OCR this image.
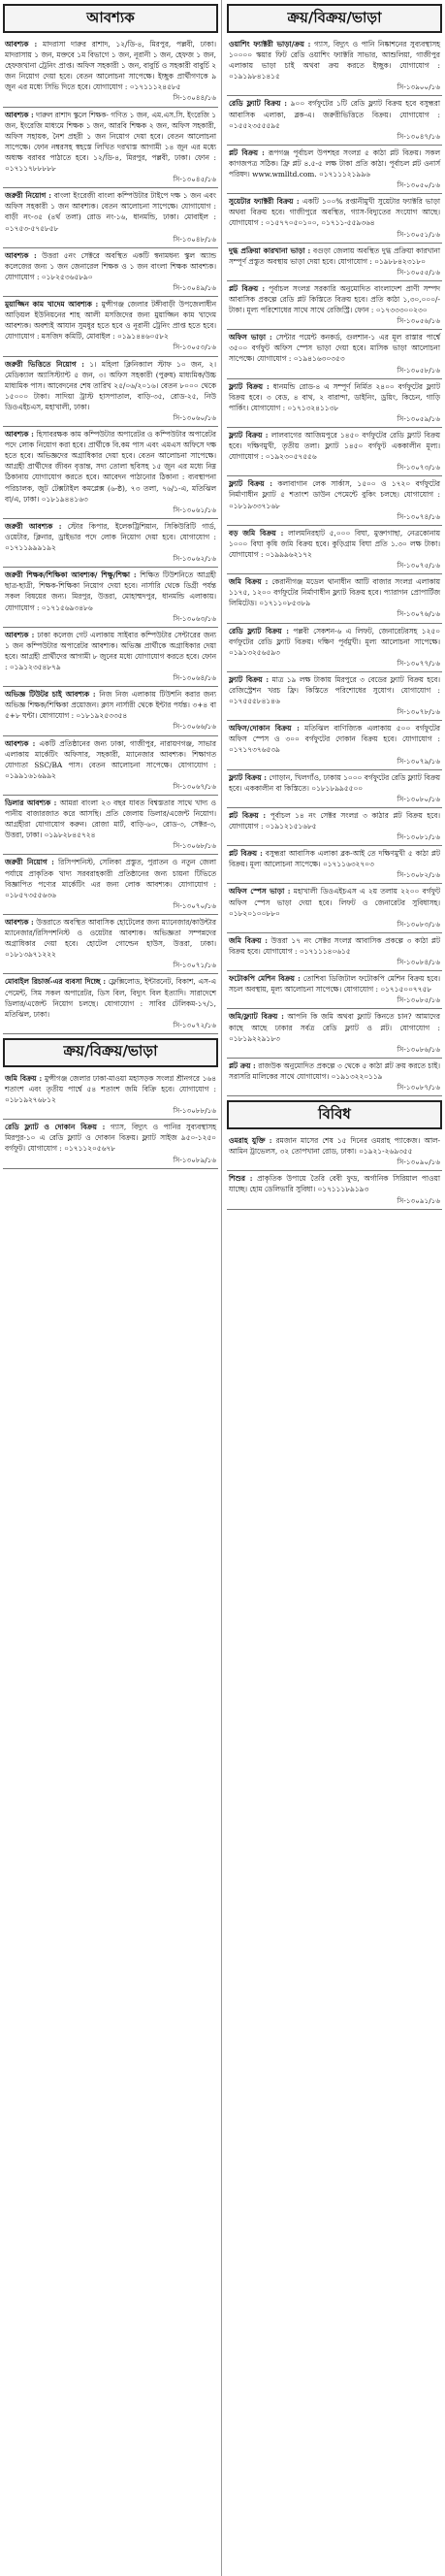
আবশ্যক
আবশ্যক : মাদরাসা দারুর রাশাদ, ১২/ডি-৪, মিরপুর, পল্লবী, ঢাকা। মাদরাসায় ১ জন, মক্তবে ১ম বিভাগে ১ জন, নূরানী ১ জন, হেফজ ১ জন, হেফজখানা ট্রেনিং প্রাপ্ত। অফিস সহকারী ১ জন, বাবুর্চি ও সহকারী বাবুর্চি ২ জন নিয়োগ দেয়া হবে। বেতন আলোচনা সাপেক্ষে। ইচ্ছুক প্রার্থীগণকে ৯ জুন এর মধ্যে সিভি দিতে হবে। যোগাযোগ : ০১৭১১১২৪৫৮৫
সি-১৩০৪৪/১৬
আবশ্যক : দারুল রাশাদ স্কুলে শিক্ষক- গণিত ১ জন, এম.এস.সি. ইংরেজি ১ জন, ইংরেজি মাধ্যমে শিক্ষক ১ জন, আরবি শিক্ষক ২ জন, অফিস সহকারী, অফিস সহায়ক, নৈশ প্রহরী ১ জন নিয়োগ দেয়া হবে। বেতন আলোচনা সাপেক্ষে। ফোন নম্বরসহ স্বহস্তে লিখিত দরখাস্ত আগামী ১৪ জুন এর মধ্যে অধ্যক্ষ বরাবর পাঠাতে হবে। ১২/ডি-৪, মিরপুর, পল্লবী, ঢাকা। ফোন : ০১৭১১৭৮৮৮৮৮
সি-১৩০৪৫/১৬
জরুরী নিয়োগ : বাংলা ইংরেজী বাংলা কম্পিউটার টাইপে দক্ষ ১ জন এবং অফিস সহকারী ১ জন আবশ্যক। বেতন আলোচনা সাপেক্ষে। যোগাযোগ : বাড়ী নং-৩৫ (৪র্থ তলা) রোড নং-১৬, ধানমন্ডি, ঢাকা। মোবাইল : ০১৭৫৩-৫৭৫৮৫৮
সি-১৩০৪৮/১৬
আবশ্যক : উত্তরা ৫নং সেক্টরে অবস্থিত একটি স্বনামধন্য স্কুল অ্যান্ড কলেজের জন্য ১ জন জেনারেল শিক্ষক ও ১ জন বাংলা শিক্ষক আবশ্যক। যোগাযোগ : ০১৮২৫৩৬৫৮৯০
সি-১৩০৪৯/১৬
মুয়াজ্জিন কাম খাদেম আবশ্যক : মুন্সীগঞ্জ জেলার টঙ্গীবাড়ী উপজেলাধীন আড়িয়ল ইউনিয়নের শাহ আলী মসজিদের জন্য মুয়াজ্জিন কাম খাদেম আবশ্যক। অবশ্যই আযান সুমধুর হতে হবে ও নূরানী ট্রেনিং প্রাপ্ত হতে হবে। যোগাযোগ : মসজিদ কমিটি, মোবাইল : ০১৯১৪৪৬০৫৮২
সি-১৩০৫৩/১৬
জরুরী ভিত্তিতে নিয়োগ : ১। মহিলা ক্লিনিক্যাল স্টাফ ১০ জন, ২। মেডিক্যাল অ্যাসিস্ট্যান্ট ৫ জন, ৩। অফিস সহকারী (পুরুষ) মাধ্যমিক/উচ্চ মাধ্যমিক পাস। আবেদনের শেষ তারিখ ২৫/০৬/২০১৬। বেতন ৮০০০ থেকে ১৫০০০ টাকা। সাদিয়া ট্রাস্ট হাসপাতাল, বাড়ি-৩৫, রোড-২৫, নিউ ডিওএইচএস, মহাখালী, ঢাকা।
সি-১৩০৬০/১৬
আবশ্যক : হিসাবরক্ষক কাম কম্পিউটার অপারেটর ও কম্পিউটার অপারেটর পদে লোক নিয়োগ করা হবে। প্রার্থীকে বি.কম পাস এবং এমএস অফিসে দক্ষ হতে হবে। অভিজ্ঞদের অগ্রাধিকার দেয়া হবে। বেতন আলোচনা সাপেক্ষে। আগ্রহী প্রার্থীদের জীবন বৃত্তান্ত, সদ্য তোলা ছবিসহ ১৫ জুন এর মধ্যে নিম্ন ঠিকানায় যোগাযোগ করতে হবে। আবেদন পাঠানোর ঠিকানা : ব্যবস্থাপনা পরিচালক, জুট টেক্সটাইল কমপ্লেক্স (৬-ষ্ঠ), ৭৩ তলা, ৭৬/১-এ, মতিঝিল বা/এ, ঢাকা। ০১৮১৯৪৪১৬৩
সি-১৩০৬১/১৬
জরুরী আবশ্যক : স্টোর কিপার, ইলেকট্রিশিয়ান, সিকিউরিটি গার্ড, ওয়েটার, ক্লিনার, ড্রাইভার পদে লোক নিয়োগ দেয়া হবে। যোগাযোগ : ০১৭১১৯৯৯১৯২
সি-১৩০৬২/১৬
জরুরী শিক্ষক/শিক্ষিকা আবশ্যক/ শিক্ষু/শিক্ষা : শিক্ষিত টিউশনিতে আগ্রহী ছাত্র-ছাত্রী, শিক্ষক-শিক্ষিকা নিয়োগ দেয়া হবে। নার্সারি থেকে ডিগ্রী পর্যন্ত সকল বিষয়ের জন্য। মিরপুর, উত্তরা, মোহাম্মদপুর, ধানমন্ডি এলাকায়। যোগাযোগ : ০১৭১৫৬৯৩৪৮৬
সি-১৩০৬৩/১৬
আবশ্যক : ঢাকা কলেজ গেট এলাকায় সাইবার কম্পিউটার সেন্টারের জন্য ১ জন কম্পিউটার অপারেটর আবশ্যক। অভিজ্ঞ প্রার্থীকে অগ্রাধিকার দেয়া হবে। আগ্রহী প্রার্থীদের আগামী ৮ জুনের মধ্যে যোগাযোগ করতে হবে। ফোন : ০১৯১২৩৫৪৮৭৯
সি-১৩০৬৪/১৬
অভিজ্ঞ টিউটর চাই আবশ্যক : নিজ নিজ এলাকায় টিউশনি করার জন্য অভিজ্ঞ শিক্ষক/শিক্ষিকা প্রয়োজন। ক্লাস নার্সারী থেকে ইন্টার পর্যন্ত। ৩+৪ বা ৫+৮ ঘন্টা। যোগাযোগ : ০১৮১৯২৫৩৩৫৪
সি-১৩০৬৬/১৬
আবশ্যক : একটি প্রতিষ্ঠানের জন্য ঢাকা, গাজীপুর, নারায়ণগঞ্জ, সাভার এলাকায় মার্কেটিং অফিসার, সহকারী, ম্যানেজার আবশ্যক। শিক্ষাগত যোগ্যতা SSC/BA পাস। বেতন আলোচনা সাপেক্ষে। যোগাযোগ : ০১৯৯১৬১৬৯৯২
সি-১৩০৬৭/১৬
ডিলার আবশ্যক : আমরা বাংলা ২৩ বছর যাবত বিশ্বস্ততার সাথে খাদ্য ও পানীয় বাজারজাত করে আসছি। প্রতি জেলায় ডিলার/এজেন্ট নিয়োগ। আগ্রহীরা যোগাযোগ করুন। রোজা মার্ট, বাড়ি-৬০, রোড-৩, সেক্টর-৩, উত্তরা, ঢাকা। ০১৯৮২৮৪৫৭২৪
সি-১৩০৬৮/১৬
জরুরী নিয়োগ : রিসিপশনিস্ট, সেলিকা প্রস্তুত, পুরাতন ও নতুন জেলা পর্যায়ে প্রাকৃতিক খাদ্য সরবরাহকারী প্রতিষ্ঠানের জন্য চায়না টিভিতে বিজ্ঞাপিত পণ্যের মার্কেটিং এর জন্য লোক আবশ্যক। যোগাযোগ : ০১৮৫৭৩৫৫৬৩৬
সি-১৩০৭০/১৬
আবশ্যক : উত্তরাতে অবস্থিত আবাসিক হোটেলের জন্য ম্যানেজার/কাউন্টার ম্যানেজার/রিসিপশনিস্ট ও ওয়েটার আবশ্যক। অভিজ্ঞতা সম্পন্নদের অগ্রাধিকার দেয়া হবে। হোটেল গোল্ডেন হাউস, উত্তরা, ঢাকা। ০১৮১৩৯৭১২২২
সি-১৩০৭১/১৬
মোবাইল রিচার্জ-এর ব্যবসা দিচ্ছে : ফ্লেক্সিলোড, ইন্টারনেট, বিকাশ, এস-এ পেমেন্ট, সিম সকল অপারেটর, ডিস বিল, বিদ্যুৎ বিল ইত্যাদি। সারাদেশে ডিলার/এজেন্ট নিয়োগ চলছে। যোগাযোগ : সাবির টেলিকম-১৭/১, মতিঝিল, ঢাকা।
সি-১৩০৭২/১৬
ক্রয়/বিক্রয়/ভাড়া
জমি বিক্রয় : মুন্সীগঞ্জ জেলার ঢাকা-মাওয়া মহাসড়ক সংলগ্ন শ্রীনগরে ১৬৪ শতাংশ এবং তৃতীয় পার্শ্বে ৫৪ শতাংশ জমি বিক্রি হবে। যোগাযোগ : ০১৮১৯২৭৬৮১২
সি-১৩০৮৮/১৬
রেডি ফ্ল্যাট ও দোকান বিক্রয় : গ্যাস, বিদ্যুৎ ও পানির সুব্যবস্থাসহ মিরপুর-১০ এ রেডি ফ্ল্যাট ও দোকান বিক্রয়। ফ্ল্যাট সাইজ ৯৫০-১২৫০ বর্গফুট। যোগাযোগ : ০১৭১১২০৫৬৭৮
সি-১৩০৮৯/১৬
ক্রয়/বিক্রয়/ভাড়া
ওয়াশিং ফ্যাক্টরী ভাড়া/ক্রয় : গ্যাস, বিদ্যুৎ ও পানি নিষ্কাশনের সুব্যবস্থাসহ ১০০০০ স্কয়ার ফিট রেডি ওয়াশিং ফ্যাক্টরি সাভার, আশুলিয়া, গাজীপুর এলাকায় ভাড়া চাই অথবা ক্রয় করতে ইচ্ছুক। যোগাযোগ : ০১৯১৯৮৪১৪১৫
সি-১৩৯০০/১৬
রেডি ফ্ল্যাট বিক্রয় : ৯০০ বর্গফুটের ১টি রেডি ফ্ল্যাট বিক্রয় হবে বসুন্ধরা আবাসিক এলাকা, ব্লক-এ। জরুরীভিত্তিতে বিক্রয়। যোগাযোগ : ০১৫৫২৩৫৫৫৯৫
সি-১৩০৪৭/১৬
প্লট বিক্রয় : রূপগঞ্জ পূর্বাচল উপশহর সংলগ্ন ৫ কাঠা প্লট বিক্রয়। সকল কাগজপত্র সঠিক। ফ্রি প্লট ৪.৫-৫ লক্ষ টাকা প্রতি কাঠা। পূর্বাচল প্লট ওনার্স পরিষদ। www.wmlltd.com. ০১৭১১১২১৯৯৬
সি-১৩০৫০/১৬
সুয়েটার ফ্যাক্টরী বিক্রয় : একটি ১০০% রপ্তানীমুখী সুয়েটার ফ্যাক্টরি ভাড়া অথবা বিক্রয় হবে। গাজীপুরে অবস্থিত, গ্যাস-বিদ্যুতের সংযোগ আছে। যোগাযোগ : ০১৫৭৭০৫০১০০, ০১৭১১-৫৫৯৩৬৪
সি-১৩০৫১/১৬
দুগ্ধ প্রক্রিয়া কারখানা ভাড়া : বগুড়া জেলায় অবস্থিত দুগ্ধ প্রক্রিয়া কারখানা সম্পূর্ণ প্রস্তুত অবস্থায় ভাড়া দেয়া হবে। যোগাযোগ : ০১৯৮৮৪২৩১৮০
সি-১৩০৫৫/১৬
প্লট বিক্রয় : পূর্বাচল সংলগ্ন সরকারি অনুমোদিত বাংলাদেশ প্রাণী সম্পদ আবাসিক প্রকল্পে রেডি প্লট কিস্তিতে বিক্রয় হবে। প্রতি কাঠা ১,৩০,০০০/- টাকা। মূল্য পরিশোধের সাথে সাথে রেজিস্ট্রি। ফোন : ০১৭৩৩৩০০২৩০
সি-১৩০৫৬/১৬
অফিস ভাড়া : সেন্টার পয়েন্ট কনকর্ড, গুলশান-১ এর মূল রাস্তার পার্শ্বে ৩৫০০ বর্গফুট অফিস স্পেস ভাড়া দেয়া হবে। মাসিক ভাড়া আলোচনা সাপেক্ষে। যোগাযোগ : ০১৯৪১৬৩০৩৫৩
সি-১৩০৫৮/১৬
ফ্ল্যাট বিক্রয় : ধানমন্ডি রোড-৪ এ সম্পূর্ণ নির্মিত ২৪০০ বর্গফুটের ফ্ল্যাট বিক্রয় হবে। ৩ বেড, ৪ বাথ, ২ বারান্দা, ডাইনিং, ড্রয়িং, কিচেন, গাড়ি পার্কিং। যোগাযোগ : ০১৭১৩২৪১১৩৮
সি-১৩০৫৯/১৬
ফ্ল্যাট বিক্রয় : লালবাগের আজিমপুরে ১৪৫০ বর্গফুটের রেডি ফ্ল্যাট বিক্রয় হবে। দক্ষিণমুখী, তৃতীয় তলা। ফ্ল্যাট ১৪৫০ বর্গফুট এককালীন মূল্য। যোগাযোগ : ০১৯২৩০৫৭৫৫৬
সি-১৩০৭৩/১৬
ফ্ল্যাট বিক্রয় : কলাবাগান লেক সার্কাস, ১৫০০ ও ১৭২০ বর্গফুটের নির্মাণাধীন ফ্ল্যাট ৫ শতাংশ ডাউন পেমেন্টে বুকিং চলছে। যোগাযোগ : ০১৮১৯৩৩৭১৬৮
সি-১৩০৭৪/১৬
বড় জমি বিক্রয় : লালমনিরহাট ৫,০০০ বিঘা, মুক্তাগাছা, নেত্রকোনায় ১০০০ বিঘা কৃষি জমি বিক্রয় হবে। কুড়িগ্রাম বিঘা প্রতি ১.৩০ লক্ষ টাকা। যোগাযোগ : ০১৯৯৯৬২১৭২
সি-১৩০৭৫/১৬
জমি বিক্রয় : কেরানীগঞ্জ মডেল থানাধীন আটি বাজার সংলগ্ন এলাকায় ১১৭৫, ১২০০ বর্গফুটের নির্মাণাধীন ফ্ল্যাট বিক্রয় হবে। প্যারাগন প্রোপার্টিজ লিমিটেড। ০১৭১১০৮৫৩৮৯
সি-১৩০৭৬/১৬
রেডি ফ্ল্যাট বিক্রয় : পল্লবী সেকশন-৬ এ লিফট, জেনারেটরসহ ১২৫০ বর্গফুটের রেডি ফ্ল্যাট বিক্রয়। দক্ষিণ পূর্বমুখী। মূল্য আলোচনা সাপেক্ষে। ০১৯১৩২৫৬৫৯৩
সি-১৩০৭৭/১৬
ফ্ল্যাট বিক্রয় : মাত্র ১৯ লক্ষ টাকায় মিরপুরে ৩ বেডের ফ্ল্যাট বিক্রয় হবে। রেজিস্ট্রেশন খরচ ফ্রি। কিস্তিতে পরিশোধের সুযোগ। যোগাযোগ : ০১৭৫৫৫৮৪১৪৬
সি-১৩০৭৮/১৬
অফিস/দোকান বিক্রয় : মতিঝিল বাণিজ্যিক এলাকায় ৫০০ বর্গফুটের অফিস স্পেস ও ৩০০ বর্গফুটের দোকান বিক্রয় হবে। যোগাযোগ : ০১৭১৭৩৭৬৫৩৯
সি-১৩০৭৯/১৬
ফ্ল্যাট বিক্রয় : গোড়ান, খিলগাঁও, ঢাকায় ১০০০ বর্গফুটের রেডি ফ্ল্যাট বিক্রয় হবে। এককালীন বা কিস্তিতে। ০১৮১৮৯৯৫৫০০
সি-১৩০৮০/১৬
প্লট বিক্রয় : পূর্বাচল ১৪ নং সেক্টর সংলগ্ন ৩ কাঠার প্লট বিক্রয় হবে। যোগাযোগ : ০১৯১২১৫১৬৮৫
সি-১৩০৮১/১৬
প্লট বিক্রয় : বসুন্ধরা আবাসিক এলাকা ব্লক-আই তে দক্ষিণমুখী ৫ কাঠা প্লট বিক্রয়। মূল্য আলোচনা সাপেক্ষে। ০১৭১১৬৩২৭০৩
সি-১৩০৮২/১৬
অফিস স্পেস ভাড়া : মহাখালী ডিওএইচএস এ ২য় তলায় ২২০০ বর্গফুট অফিস স্পেস ভাড়া দেয়া হবে। লিফট ও জেনারেটর সুবিধাসহ। ০১৮২০১০০৮৮০
সি-১৩০৮৩/১৬
জমি বিক্রয় : উত্তরা ১৭ নং সেক্টর সংলগ্ন আবাসিক প্রকল্পে ৩ কাঠা প্লট বিক্রয় হবে। যোগাযোগ : ০১৭১১১৪০৬১৫
সি-১৩০৮৪/১৬
ফটোকপি মেশিন বিক্রয় : তোশিবা ডিজিটাল ফটোকপি মেশিন বিক্রয় হবে। সচল অবস্থায়, মূল্য আলোচনা সাপেক্ষে। যোগাযোগ : ০১৭১৫০০৭৭৫৮
সি-১৩০৮৫/১৬
জমি/ফ্ল্যাট বিক্রয় : আপনি কি জমি অথবা ফ্ল্যাট কিনতে চান? আমাদের কাছে আছে ঢাকার সর্বত্র রেডি ফ্ল্যাট ও প্লট। যোগাযোগ : ০১৮১৯২২৯১৮৩
সি-১৩০৮৬/১৬
প্লট ক্রয় : রাজউক অনুমোদিত প্রকল্পে ৩ থেকে ৫ কাঠা প্লট ক্রয় করতে চাই। সরাসরি মালিকের সাথে যোগাযোগ। ০১৯১৩২২০১১৯
সি-১৩০৮৭/১৬
বিবিধ
ওমরাহ যুক্তি : রমজান মাসের শেষ ১৫ দিনের ওমরাহ প্যাকেজ। আল-আমিন ট্রাভেলস, ৩২ তোপখানা রোড, ঢাকা। ০১৯২১-২৬৯৩৫৫
সি-১৩০৯০/১৬
শিশুর : প্রাকৃতিক উপায়ে তৈরি বেবী ফুড, অর্গানিক সিরিয়াল পাওয়া যাচ্ছে। হোম ডেলিভারি সুবিধা। ০১৭১১১৮৯১৯৩
সি-১৩০৯১/১৬
